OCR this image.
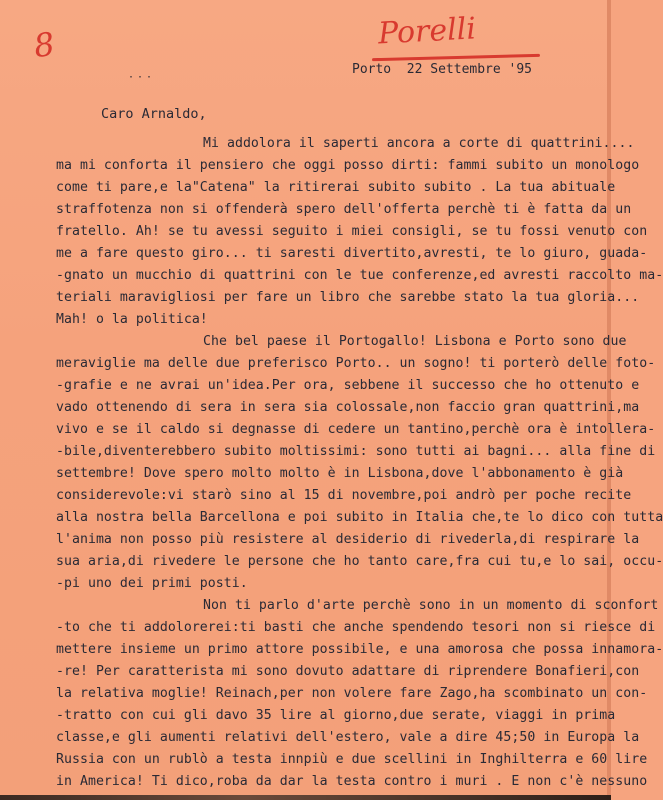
8	Porelli
···
Porto  22 Settembre '95
Caro Arnaldo,
Mi addolora il saperti ancora a corte di quattrini....
ma mi conforta il pensiero che oggi posso dirti: fammi subito un monologo
come ti pare,e la"Catena" la ritirerai subito subito . La tua abituale
straffotenza non si offenderà spero dell'offerta perchè ti è fatta da un
fratello. Ah! se tu avessi seguito i miei consigli, se tu fossi venuto con
me a fare questo giro... ti saresti divertito,avresti, te lo giuro, guada-
-gnato un mucchio di quattrini con le tue conferenze,ed avresti raccolto ma-
teriali maravigliosi per fare un libro che sarebbe stato la tua gloria...
Mah! o la politica!
Che bel paese il Portogallo! Lisbona e Porto sono due
meraviglie ma delle due preferisco Porto.. un sogno! ti porterò delle foto-
-grafie e ne avrai un'idea.Per ora, sebbene il successo che ho ottenuto e
vado ottenendo di sera in sera sia colossale,non faccio gran quattrini,ma
vivo e se il caldo si degnasse di cedere un tantino,perchè ora è intollera-
-bile,diventerebbero subito moltissimi: sono tutti ai bagni... alla fine di
settembre! Dove spero molto molto è in Lisbona,dove l'abbonamento è già
considerevole:vi starò sino al 15 di novembre,poi andrò per poche recite
alla nostra bella Barcellona e poi subito in Italia che,te lo dico con tutta
l'anima non posso più resistere al desiderio di rivederla,di respirare la
sua aria,di rivedere le persone che ho tanto care,fra cui tu,e lo sai, occu-
-pi uno dei primi posti.
Non ti parlo d'arte perchè sono in un momento di sconfort
-to che ti addolorerei:ti basti che anche spendendo tesori non si riesce di
mettere insieme un primo attore possibile, e una amorosa che possa innamora-
-re! Per caratterista mi sono dovuto adattare di riprendere Bonafieri,con
la relativa moglie! Reinach,per non volere fare Zago,ha scombinato un con-
-tratto con cui gli davo 35 lire al giorno,due serate, viaggi in prima
classe,e gli aumenti relativi dell'estero, vale a dire 45;50 in Europa la
Russia con un rublò a testa innpiù e due scellini in Inghilterra e 60 lire
in America! Ti dico,roba da dar la testa contro i muri . E non c'è nessuno
